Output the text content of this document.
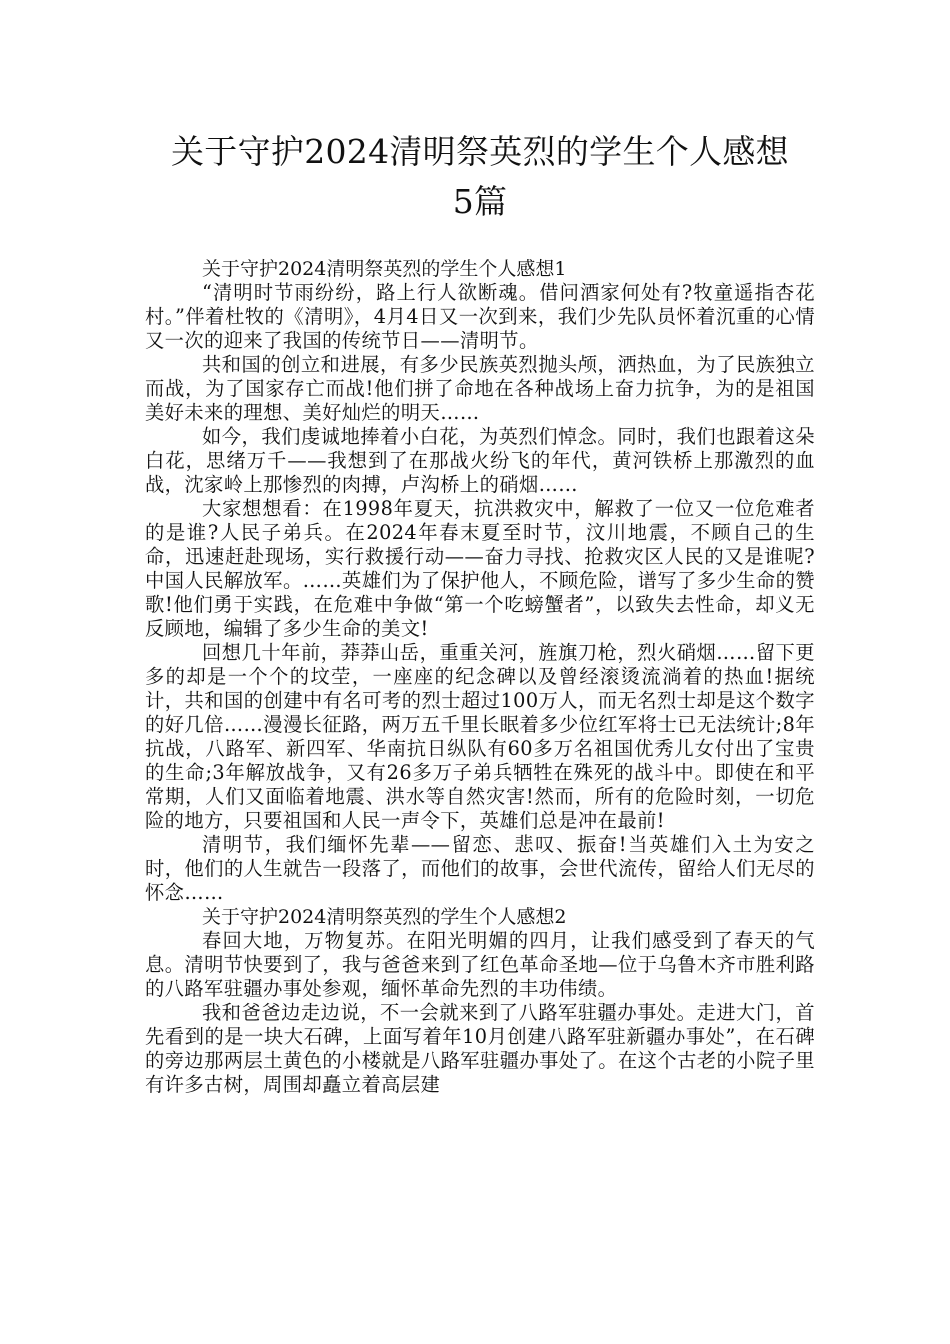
关于守护2024清明祭英烈的学生个人感想
5篇
关于守护2024清明祭英烈的学生个人感想1

“清明时节雨纷纷，路上行人欲断魂。借问酒家何处有?牧童遥指杏花村。”伴着杜牧的《清明》，4月4日又一次到来，我们少先队员怀着沉重的心情又一次的迎来了我国的传统节日——清明节。

共和国的创立和进展，有多少民族英烈抛头颅，洒热血，为了民族独立而战，为了国家存亡而战!他们拼了命地在各种战场上奋力抗争，为的是祖国美好未来的理想、美好灿烂的明天……

如今，我们虔诚地捧着小白花，为英烈们悼念。同时，我们也跟着这朵白花，思绪万千——我想到了在那战火纷飞的年代，黄河铁桥上那激烈的血战，沈家岭上那惨烈的肉搏，卢沟桥上的硝烟……

大家想想看：在1998年夏天，抗洪救灾中，解救了一位又一位危难者的是谁?人民子弟兵。在2024年春末夏至时节，汶川地震，不顾自己的生命，迅速赶赴现场，实行救援行动——奋力寻找、抢救灾区人民的又是谁呢?中国人民解放军。……英雄们为了保护他人，不顾危险，谱写了多少生命的赞歌!他们勇于实践，在危难中争做“第一个吃螃蟹者”，以致失去性命，却义无反顾地，编辑了多少生命的美文!

回想几十年前，莽莽山岳，重重关河，旌旗刀枪，烈火硝烟……留下更多的却是一个个的坟茔，一座座的纪念碑以及曾经滚烫流淌着的热血!据统计，共和国的创建中有名可考的烈士超过100万人，而无名烈士却是这个数字的好几倍……漫漫长征路，两万五千里长眠着多少位红军将士已无法统计;8年抗战，八路军、新四军、华南抗日纵队有60多万名祖国优秀儿女付出了宝贵的生命;3年解放战争，又有26多万子弟兵牺牲在殊死的战斗中。即使在和平常期，人们又面临着地震、洪水等自然灾害!然而，所有的危险时刻，一切危险的地方，只要祖国和人民一声令下，英雄们总是冲在最前!

清明节，我们缅怀先辈——留恋、悲叹、振奋!当英雄们入土为安之时，他们的人生就告一段落了，而他们的故事，会世代流传，留给人们无尽的怀念……

关于守护2024清明祭英烈的学生个人感想2

春回大地，万物复苏。在阳光明媚的四月，让我们感受到了春天的气息。清明节快要到了，我与爸爸来到了红色革命圣地—位于乌鲁木齐市胜利路的八路军驻疆办事处参观，缅怀革命先烈的丰功伟绩。

我和爸爸边走边说，不一会就来到了八路军驻疆办事处。走进大门，首先看到的是一块大石碑，上面写着年10月创建八路军驻新疆办事处”，在石碑的旁边那两层土黄色的小楼就是八路军驻疆办事处了。在这个古老的小院子里有许多古树，周围却矗立着高层建
